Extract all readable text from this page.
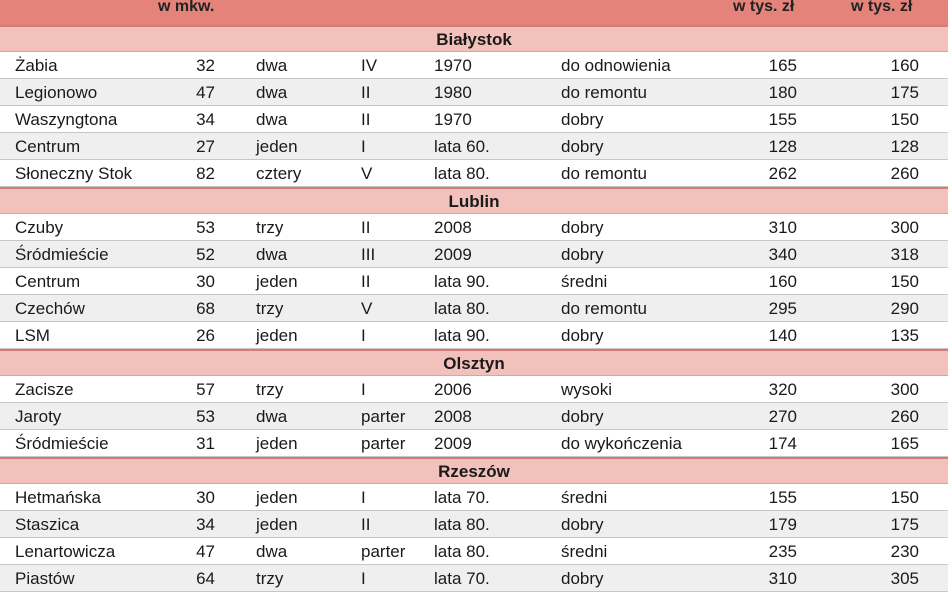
w mkw.	w tys. zł	w tys. zł
Białystok
Żabia	32 dwa	IV	1970	do odnowienia	165	160
Legionowo	47 dwa	II	1980	do remontu	180	175
Waszyngtona	34 dwa	II	1970	dobry	155	150
Centrum	27 jeden	I	lata 60.	dobry	128	128
Słoneczny Stok	82 cztery	V	lata 80.	do remontu	262	260
Lublin
Czuby	53 trzy	II	2008	dobry	310	300
Śródmieście	52 dwa	III	2009	dobry	340	318
Centrum	30 jeden	II	lata 90.	średni	160	150
Czechów	68 trzy	V	lata 80.	do remontu	295	290
LSM	26 jeden	I	lata 90.	dobry	140	135
Olsztyn
Zacisze	57 trzy	I	2006	wysoki	320	300
Jaroty	53 dwa	parter 2008	dobry	270	260
Śródmieście	31 jeden	parter 2009	do wykończenia	174	165
Rzeszów
Hetmańska	30 jeden	I	lata 70.	średni	155	150
Staszica	34 jeden	II	lata 80.	dobry	179	175
Lenartowicza	47 dwa	parter lata 80.	średni	235	230
Piastów	64 trzy	I	lata 70.	dobry	310	305
